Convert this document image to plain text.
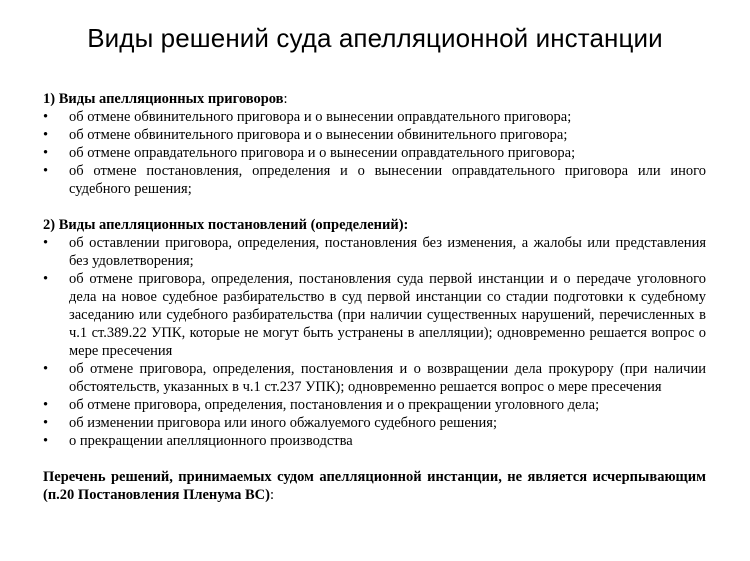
Виды решений суда апелляционной инстанции

1) Виды апелляционных приговоров:

• об отмене обвинительного приговора и о вынесении оправдательного приговора;
• об отмене обвинительного приговора и о вынесении обвинительного приговора;
• об отмене оправдательного приговора и о вынесении оправдательного приговора;
• об отмене постановления, определения и о вынесении оправдательного приговора или иного судебного решения;

2) Виды апелляционных постановлений (определений):

• об оставлении приговора, определения, постановления без изменения, а жалобы или представления без удовлетворения;
• об отмене приговора, определения, постановления суда первой инстанции и о передаче уголовного дела на новое судебное разбирательство в суд первой инстанции со стадии подготовки к судебному заседанию или судебного разбирательства (при наличии существенных нарушений, перечисленных в ч.1 ст.389.22 УПК, которые не могут быть устранены в апелляции); одновременно решается вопрос о мере пресечения
• об отмене приговора, определения, постановления и о возвращении дела прокурору (при наличии обстоятельств, указанных в ч.1 ст.237 УПК); одновременно решается вопрос о мере пресечения
• об отмене приговора, определения, постановления и о прекращении уголовного дела;
• об изменении приговора или иного обжалуемого судебного решения;
• о прекращении апелляционного производства

Перечень решений, принимаемых судом апелляционной инстанции, не является исчерпывающим (п.20 Постановления Пленума ВС):
